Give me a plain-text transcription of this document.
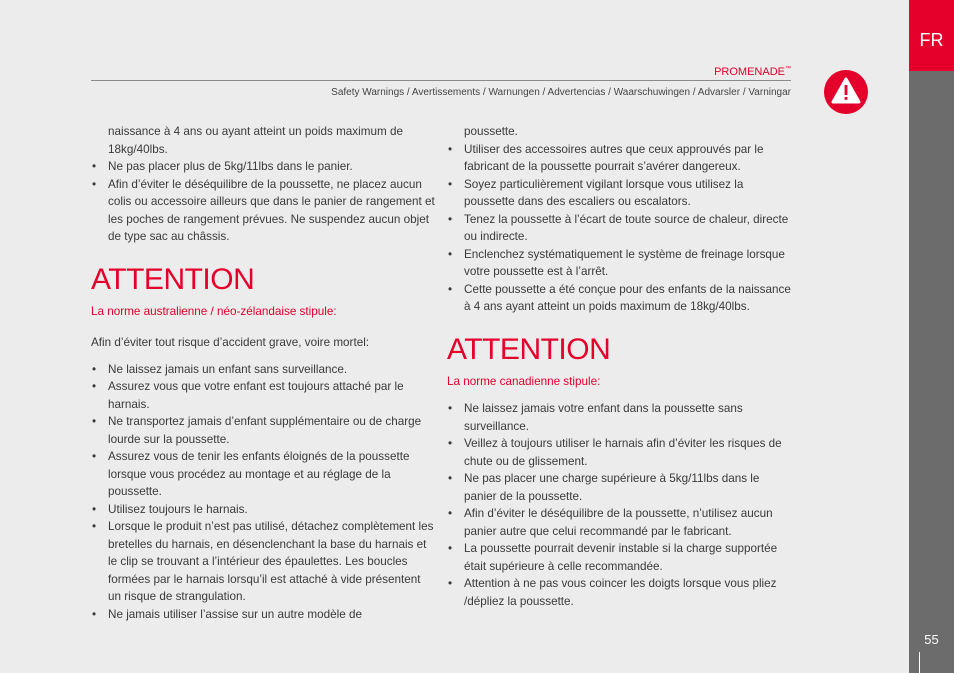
FR
55
PROMENADE™
Safety Warnings / Avertissements / Warnungen / Advertencias / Waarschuwingen / Advarsler / Varningar
naissance à 4 ans ou ayant atteint un poids maximum de 18kg/40lbs.
• Ne pas placer plus de 5kg/11lbs dans le panier.
• Afin d’éviter le déséquilibre de la poussette, ne placez aucun colis ou accessoire ailleurs que dans le panier de rangement et les poches de rangement prévues. Ne suspendez aucun objet de type sac au châssis.
ATTENTION

La norme australienne / néo-zélandaise stipule:

Afin d’éviter tout risque d’accident grave, voire mortel:

• Ne laissez jamais un enfant sans surveillance.
• Assurez vous que votre enfant est toujours attaché par le harnais.
• Ne transportez jamais d’enfant supplémentaire ou de charge lourde sur la poussette.
• Assurez vous de tenir les enfants éloignés de la poussette lorsque vous procédez au montage et au réglage de la poussette.
• Utilisez toujours le harnais.
• Lorsque le produit n’est pas utilisé, détachez complètement les bretelles du harnais, en désenclenchant la base du harnais et le clip se trouvant a l’intérieur des épaulettes. Les boucles formées par le harnais lorsqu’il est attaché à vide présentent un risque de strangulation.
• Ne jamais utiliser l’assise sur un autre modèle de
poussette.
• Utiliser des accessoires autres que ceux approuvés par le fabricant de la poussette pourrait s’avérer dangereux.
• Soyez particulièrement vigilant lorsque vous utilisez la poussette dans des escaliers ou escalators.
• Tenez la poussette à l’écart de toute source de chaleur, directe ou indirecte.
• Enclenchez systématiquement le système de freinage lorsque votre poussette est à l’arrêt.
• Cette poussette a été conçue pour des enfants de la naissance à 4 ans ayant atteint un poids maximum de 18kg/40lbs.
ATTENTION

La norme canadienne stipule:

• Ne laissez jamais votre enfant dans la poussette sans surveillance.
• Veillez à toujours utiliser le harnais afin d’éviter les risques de chute ou de glissement.
• Ne pas placer une charge supérieure à 5kg/11lbs dans le panier de la poussette.
• Afin d’éviter le déséquilibre de la poussette, n’utilisez aucun panier autre que celui recommandé par le fabricant.
• La poussette pourrait devenir instable si la charge supportée était supérieure à celle recommandée.
• Attention à ne pas vous coincer les doigts lorsque vous pliez /dépliez la poussette.
